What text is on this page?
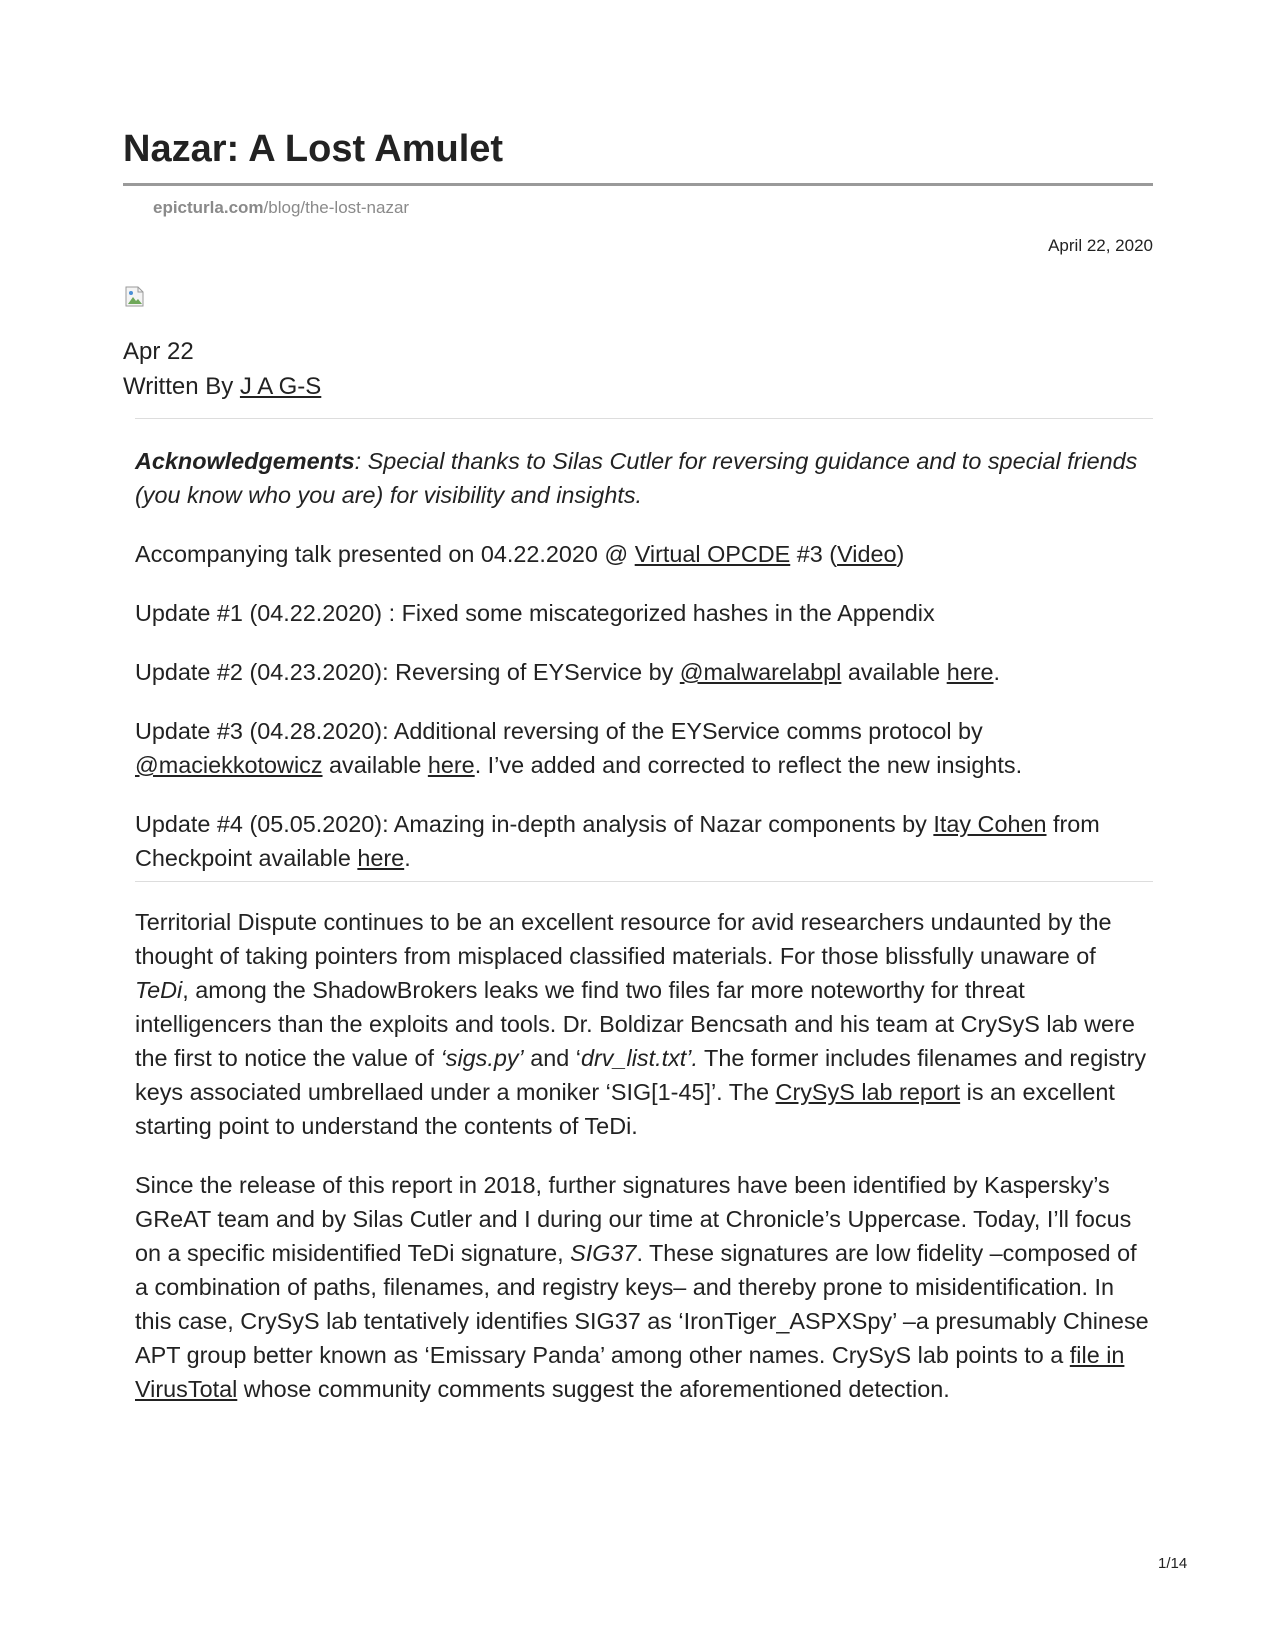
Nazar: A Lost Amulet
epicturla.com/blog/the-lost-nazar
April 22, 2020
Apr 22
Written By J A G-S

Acknowledgements: Special thanks to Silas Cutler for reversing guidance and to special friends (you know who you are) for visibility and insights.

Accompanying talk presented on 04.22.2020 @ Virtual OPCDE #3 (Video)

Update #1 (04.22.2020) : Fixed some miscategorized hashes in the Appendix

Update #2 (04.23.2020): Reversing of EYService by @malwarelabpl available here.

Update #3 (04.28.2020): Additional reversing of the EYService comms protocol by @maciekkotowicz available here. I’ve added and corrected to reflect the new insights.

Update #4 (05.05.2020): Amazing in-depth analysis of Nazar components by Itay Cohen from Checkpoint available here.

Territorial Dispute continues to be an excellent resource for avid researchers undaunted by the thought of taking pointers from misplaced classified materials. For those blissfully unaware of TeDi, among the ShadowBrokers leaks we find two files far more noteworthy for threat intelligencers than the exploits and tools. Dr. Boldizar Bencsath and his team at CrySyS lab were the first to notice the value of ‘sigs.py’ and ‘drv_list.txt’. The former includes filenames and registry keys associated umbrellaed under a moniker ‘SIG[1-45]’. The CrySyS lab report is an excellent starting point to understand the contents of TeDi.

Since the release of this report in 2018, further signatures have been identified by Kaspersky’s GReAT team and by Silas Cutler and I during our time at Chronicle’s Uppercase. Today, I’ll focus on a specific misidentified TeDi signature, SIG37. These signatures are low fidelity –composed of a combination of paths, filenames, and registry keys– and thereby prone to misidentification. In this case, CrySyS lab tentatively identifies SIG37 as ‘IronTiger_ASPXSpy’ –a presumably Chinese APT group better known as ‘Emissary Panda’ among other names. CrySyS lab points to a file in VirusTotal whose community comments suggest the aforementioned detection.

1/14
